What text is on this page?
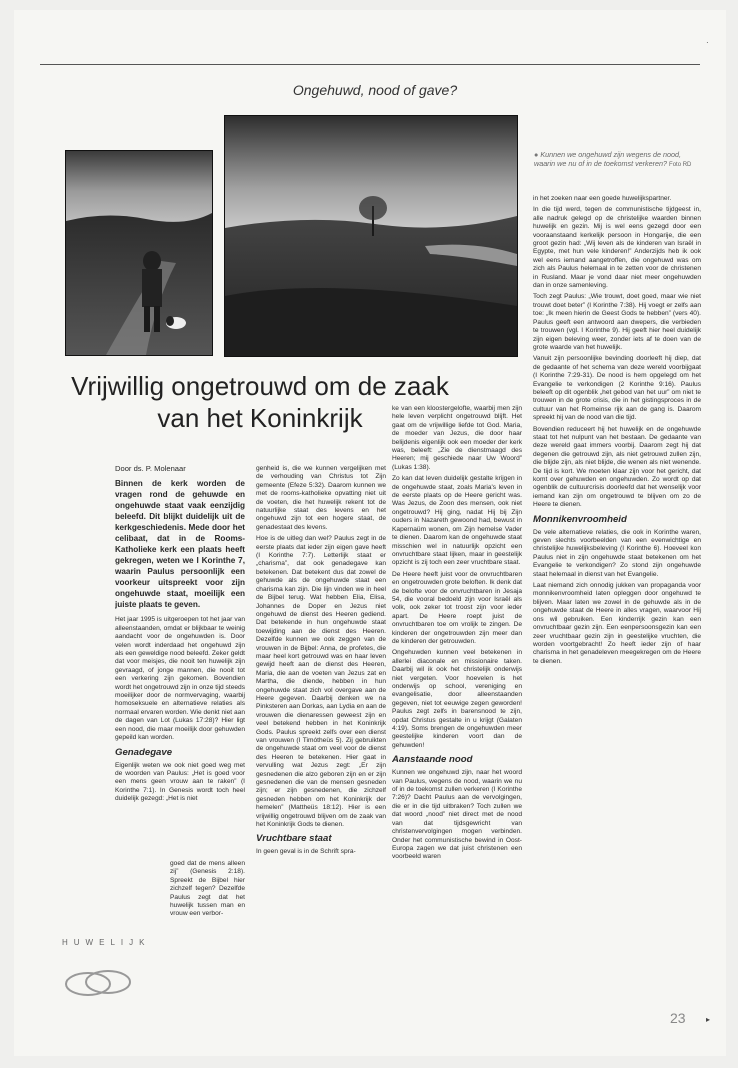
Ongehuwd, nood of gave?
● Kunnen we ongehuwd zijn wegens de nood, waarin we nu of in de toekomst verkeren? Foto RD
Vrijwillig ongetrouwd om de zaak van het Koninkrijk
Door ds. P. Molenaar
Binnen de kerk worden de vragen rond de gehuwde en ongehuwde staat vaak eenzijdig beleefd. Dit blijkt duidelijk uit de kerkgeschiedenis. Mede door het celibaat, dat in de Rooms-Katholieke kerk een plaats heeft gekregen, weten we I Korinthe 7, waarin Paulus persoonlijk een voorkeur uitspreekt voor zijn ongehuwde staat, moeilijk een juiste plaats te geven.

Het jaar 1995 is uitgeroepen tot het jaar van alleenstaanden, omdat er blijkbaar te weinig aandacht voor de ongehuwden is. Door velen wordt inderdaad het ongehuwd zijn als een geweldige nood beleefd. Zeker geldt dat voor meisjes, die nooit ten huwelijk zijn gevraagd, of jonge mannen, die nooit tot een verkering zijn gekomen. Bovendien wordt het ongetrouwd zijn in onze tijd steeds moeilijker door de normvervaging, waarbij homoseksuele en alternatieve relaties als normaal ervaren worden. Wie denkt niet aan de dagen van Lot (Lukas 17:28)? Hier ligt een nood, die maar moeilijk door gehuwden gepeild kan worden.

Genadegave

Eigenlijk weten we ook niet goed weg met de woorden van Paulus: „Het is goed voor een mens geen vrouw aan te raken” (I Korinthe 7:1). In Genesis wordt toch heel duidelijk gezegd: „Het is niet

goed dat de mens alleen zij” (Genesis 2:18). Spreekt de Bijbel hier zichzelf tegen? Dezelfde Paulus zegt dat het huwelijk tussen man en vrouw een verbor-
HUWELIJK

genheid is, die we kunnen vergelijken met de verhouding van Christus tot Zijn gemeente (Efeze 5:32). Daarom kunnen we met de rooms-katholieke opvatting niet uit de voeten, die het huwelijk rekent tot de natuurlijke staat des levens en het ongehuwd zijn tot een hogere staat, de genadestaat des levens.

Hoe is de uitleg dan wel? Paulus zegt in de eerste plaats dat ieder zijn eigen gave heeft (I Korinthe 7:7). Letterlijk staat er „charisma”, dat ook genadegave kan betekenen. Dat betekent dus dat zowel de gehuwde als de ongehuwde staat een charisma kan zijn. Die lijn vinden we in heel de Bijbel terug. Wat hebben Elia, Elisa, Johannes de Doper en Jezus niet ongehuwd de dienst des Heeren gediend. Dat betekende in hun ongehuwde staat toewijding aan de dienst des Heeren. Dezelfde kunnen we ook zeggen van de vrouwen in de Bijbel: Anna, de profetes, die maar heel kort getrouwd was en haar leven gewijd heeft aan de dienst des Heeren, Maria, die aan de voeten van Jezus zat en Martha, die diende, hebben in hun ongehuwde staat zich vol overgave aan de Heere gegeven. Daarbij denken we na Pinksteren aan Dorkas, aan Lydia en aan de vrouwen die dienaressen geweest zijn en veel betekend hebben in het Koninkrijk Gods. Paulus spreekt zelfs over een dienst van vrouwen (I Timótheüs 5). Zij gebruikten de ongehuwde staat om veel voor de dienst des Heeren te betekenen. Hier gaat in vervulling wat Jezus zegt: „Er zijn gesnedenen die alzo geboren zijn en er zijn gesnedenen die van de mensen gesneden zijn; er zijn gesnedenen, die zichzelf gesneden hebben om het Koninkrijk der hemelen” (Mattheüs 18:12). Hier is een vrijwillig ongetrouwd blijven om de zaak van het Koninkrijk Gods te dienen.

Vruchtbare staat

In geen geval is in de Schrift spra-

ke van een kloostergelofte, waarbij men zijn hele leven verplicht ongetrouwd blijft. Het gaat om de vrijwillige liefde tot God. Maria, de moeder van Jezus, die door haar belijdenis eigenlijk ook een moeder der kerk was, beleeft: „Zie de dienstmaagd des Heeren; mij geschiede naar Uw Woord” (Lukas 1:38).

Zo kan dat leven duidelijk gestalte krijgen in de ongehuwde staat, zoals Maria's leven in de eerste plaats op de Heere gericht was. Was Jezus, de Zoon des mensen, ook niet ongetrouwd? Hij ging, nadat Hij bij Zijn ouders in Nazareth gewoond had, bewust in Kapernaüm wonen, om Zijn hemelse Vader te dienen. Daarom kan de ongehuwde staat misschien wel in natuurlijk opzicht een onvruchtbare staat lijken, maar in geestelijk opzicht is zij toch een zeer vruchtbare staat.

De Heere heeft juist voor de onvruchtbaren en ongetrouwden grote beloften. Ik denk dat de belofte voor de onvruchtbaren in Jesaja 54, die vooral bedoeld zijn voor Israël als volk, ook zeker tot troost zijn voor ieder apart. De Heere roept juist de onvruchtbaren toe om vrolijk te zingen. De kinderen der ongetrouwden zijn meer dan de kinderen der getrouwden.

Ongehuwden kunnen veel betekenen in allerlei diaconale en missionaire taken. Daarbij wil ik ook het christelijk onderwijs niet vergeten. Voor hoevelen is het onderwijs op school, vereniging en evangelisatie, door alleenstaanden gegeven, niet tot eeuwige zegen geworden! Paulus zegt zelfs in barensnood te zijn, opdat Christus gestalte in u krijgt (Galaten 4:19). Soms brengen de ongehuwden meer geestelijke kinderen voort dan de gehuwden!

Aanstaande nood

Kunnen we ongehuwd zijn, naar het woord van Paulus, wegens de nood, waarin we nu of in de toekomst zullen verkeren (I Korinthe 7:26)? Dacht Paulus aan de vervolgingen, die er in die tijd uitbraken? Toch zullen we dat woord „nood” niet direct met de nood van dat tijdsgewricht van christenvervolgingen mogen verbinden. Onder het communistische bewind in Oost-Europa zagen we dat juist christenen een voorbeeld waren

in het zoeken naar een goede huwelijkspartner.

In die tijd werd, tegen de communistische tijdgeest in, alle nadruk gelegd op de christelijke waarden binnen huwelijk en gezin. Mij is wel eens gezegd door een vooraanstaand kerkelijk persoon in Hongarije, die een groot gezin had: „Wij leven als de kinderen van Israël in Egypte, met hun vele kinderen!” Anderzijds heb ik ook wel eens iemand aangetroffen, die ongehuwd was om zich als Paulus helemaal in te zetten voor de christenen in Rusland. Maar je vond daar niet meer ongehuwden dan in onze samenleving.

Toch zegt Paulus: „Wie trouwt, doet goed, maar wie niet trouwt doet beter” (I Korinthe 7:38). Hij voegt er zelfs aan toe: „Ik meen hierin de Geest Gods te hebben” (vers 40). Paulus geeft een antwoord aan dwepers, die verbieden te trouwen (vgl. I Korinthe 9). Hij geeft hier heel duidelijk zijn eigen beleving weer, zonder iets af te doen van de grote waarde van het huwelijk.

Vanuit zijn persoonlijke bevinding doorleeft hij diep, dat de gedaante of het schema van deze wereld voorbijgaat (I Korinthe 7:29-31). De nood is hem opgelegd om het Evangelie te verkondigen (2 Korinthe 9:16). Paulus beleeft op dit ogenblik „het gebod van het uur” om niet te trouwen in de grote crisis, die in het gistingsproces in de cultuur van het Romeinse rijk aan de gang is. Daarom spreekt hij van de nood van die tijd.

Bovendien reduceert hij het huwelijk en de ongehuwde staat tot het nulpunt van het bestaan. De gedaante van deze wereld gaat immers voorbij. Daarom zegt hij dat degenen die getrouwd zijn, als niet getrouwd zullen zijn, die blijde zijn, als niet blijde, die wenen als niet wenende. De tijd is kort. We moeten klaar zijn voor het gericht, dat komt over gehuwden en ongehuwden. Zo wordt op dat ogenblik de cultuurcrisis doorleefd dat het wenselijk voor iemand kan zijn om ongetrouwd te blijven om zo de Heere te dienen.

Monnikenvroomheid

De vele alternatieve relaties, die ook in Korinthe waren, geven slechts voorbeelden van een evenwichtige en christelijke huwelijksbeleving (I Korinthe 6). Hoeveel kon Paulus niet in zijn ongehuwde staat betekenen om het Evangelie te verkondigen? Zo stond zijn ongehuwde staat helemaal in dienst van het Evangelie.

Laat niemand zich onnodig jukken van propaganda voor monnikenvroomheid laten opleggen door ongehuwd te blijven. Maar laten we zowel in de gehuwde als in de ongehuwde staat de Heere in alles vragen, waarvoor Hij ons wil gebruiken. Een kinderrijk gezin kan een onvruchtbaar gezin zijn. Een eenpersoonsgezin kan een zeer vruchtbaar gezin zijn in geestelijke vruchten, die worden voortgebracht! Zo heeft ieder zijn of haar charisma in het genadeleven meegekregen om de Heere te dienen.

23
·
▸
